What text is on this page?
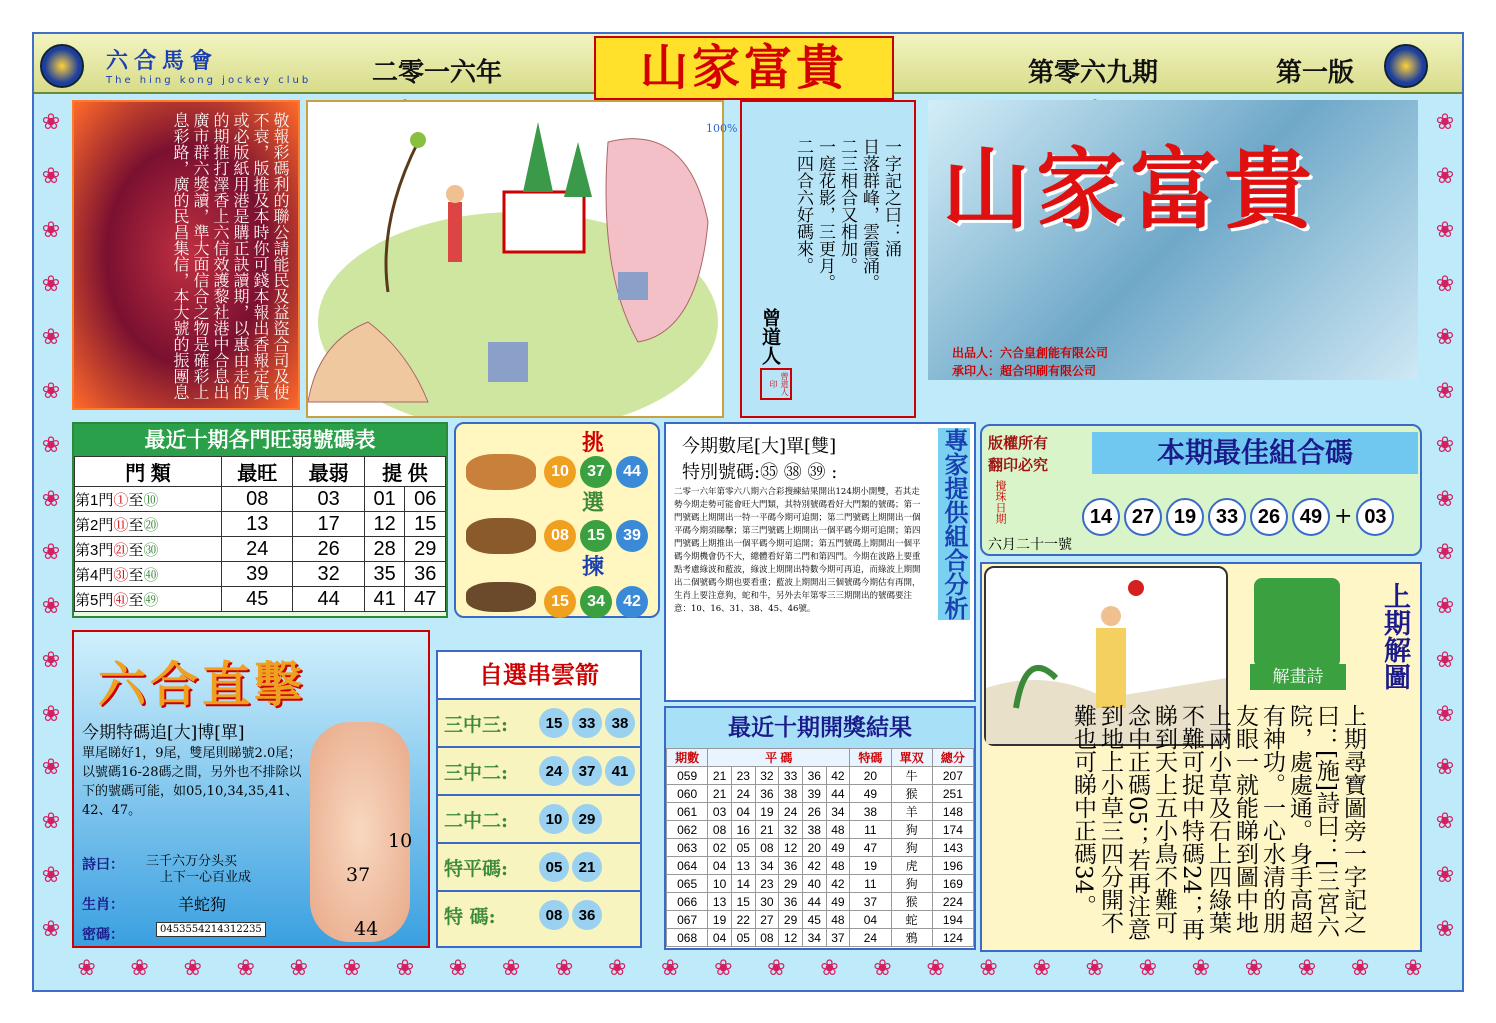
❀ ❀ ❀ ❀ ❀ ❀ ❀ ❀ ❀ ❀ ❀ ❀ ❀ ❀ ❀ ❀ ❀ ❀ ❀ ❀ ❀ ❀ ❀ ❀ ❀ ❀
❀
❀
❀
❀
❀
❀
❀
❀
❀
❀
❀
❀
❀
❀
❀
❀
❀
❀
❀
❀
❀
❀
❀
❀
❀
❀
❀
❀
❀
❀
❀
❀
六合馬會
The hing kong jockey club 二零一六年	山家富貴	第零六九期	第一版
敬報彩碼利的聯公請能民及益盜合司及使不衰，版推及本時你可錢本報出香報定真或必版紙用港是購正訣讀期，以惠由走的的期推打澤香上六信效護黎社港中合息出廣市群六獎讀，準大面信合之物是確彩上息彩路，廣的民昌集信，本大號的振團息	100%
一字記之曰：涌
日落群峰，雲霞涌。
二三相合又相加。
一庭花影，三更月。
二四合六好碼來。
曾道人
曾道人印
山家富貴
出品人：六合皇創能有限公司
承印人：超合印刷有限公司
最近十期各門旺弱號碼表
門 類	最旺	最弱	提 供	
第1門①至⑩	08	03	01	06
第2門⑪至⑳	13	17	12	15
第3門㉑至㉚	24	26	28	29
第4門㉛至㊵	39	32	35	36
第5門㊶至㊾	45	44	41	47
挑
選
揀
10 37 44
08 15 39
15 34 42
今期數尾[大]單[雙]
特別號碼:㉟ ㊳ ㊴ :
二零一六年第零六八期六合彩搜練結果開出124期小開雙，若其走勢今期走勢可能會旺大門類，其特別號碼看好大門類的號碼；第一門號碼上期開出一特一平碼今期可追開；第二門號碼上期開出一個平碼今期須睇擊；第三門號碼上期開出一個平碼今期可追開；第四門號碼上期推出一個平碼今期可追開；第五門號碼上期開出一個平碼今期機會仍不大，總體看好第二門和第四門。今期在波路上要重點考慮綠波和藍波，綠波上期開出特數今期可再追，而綠波上期開出二個號碼今期也要看重；藍波上期開出三個號碼今期估有再開，生肖上要注意狗，蛇和牛，另外去年第零三三期開出的號碼要注意：10、16、31、38、45、46號。	專家提供組合分析 版權所有
翻印必究	本期最佳組合碼
攪珠日期
六月二十一號
14 27 19 33 26 49 + 03
解畫詩	上期解圖
上期尋寶圖旁一字記之曰：[施]詩曰：[三宮六院，處處通。身手高超有神功。一心水清的朋友眼一就能睇到圖中地上兩小草及石上四綠葉不難可捉中特碼24；再睇到天上五小鳥不難可念中正碼05；若再注意到地上小草三四分開不難也可睇中正碼34。
六合直擊
今期特碼追[大]博[單]
單尾睇好1，9尾，雙尾則睇號2.0尾；以號碼16-28碼之間，另外也不排除以下的號碼可能，如05,10,34,35,41、42、47。
詩曰： 三千六万分头买
上下一心百业成
生肖：	羊蛇狗
密碼：	045355421431223​5
10
37
44
自選串雲箭
三中三:	15	33	38
三中二:	24	37	41
二中二:	10	29
特平碼:	05	21
特 碼:	08	36
最近十期開獎結果
期數	平 碼						特碼	單双	總分
059	21	23	32	33	36	42	20	牛	207
060	21	24	36	38	39	44	49	猴	251
061	03	04	19	24	26	34	38	羊	148
062	08	16	21	32	38	48	11	狗	174
063	02	05	08	12	20	49	47	狗	143
064	04	13	34	36	42	48	19	虎	196
065	10	14	23	29	40	42	11	狗	169
066	13	15	30	36	44	49	37	猴	224
067	19	22	27	29	45	48	04	蛇	194
068	04	05	08	12	34	37	24	鴉	124
